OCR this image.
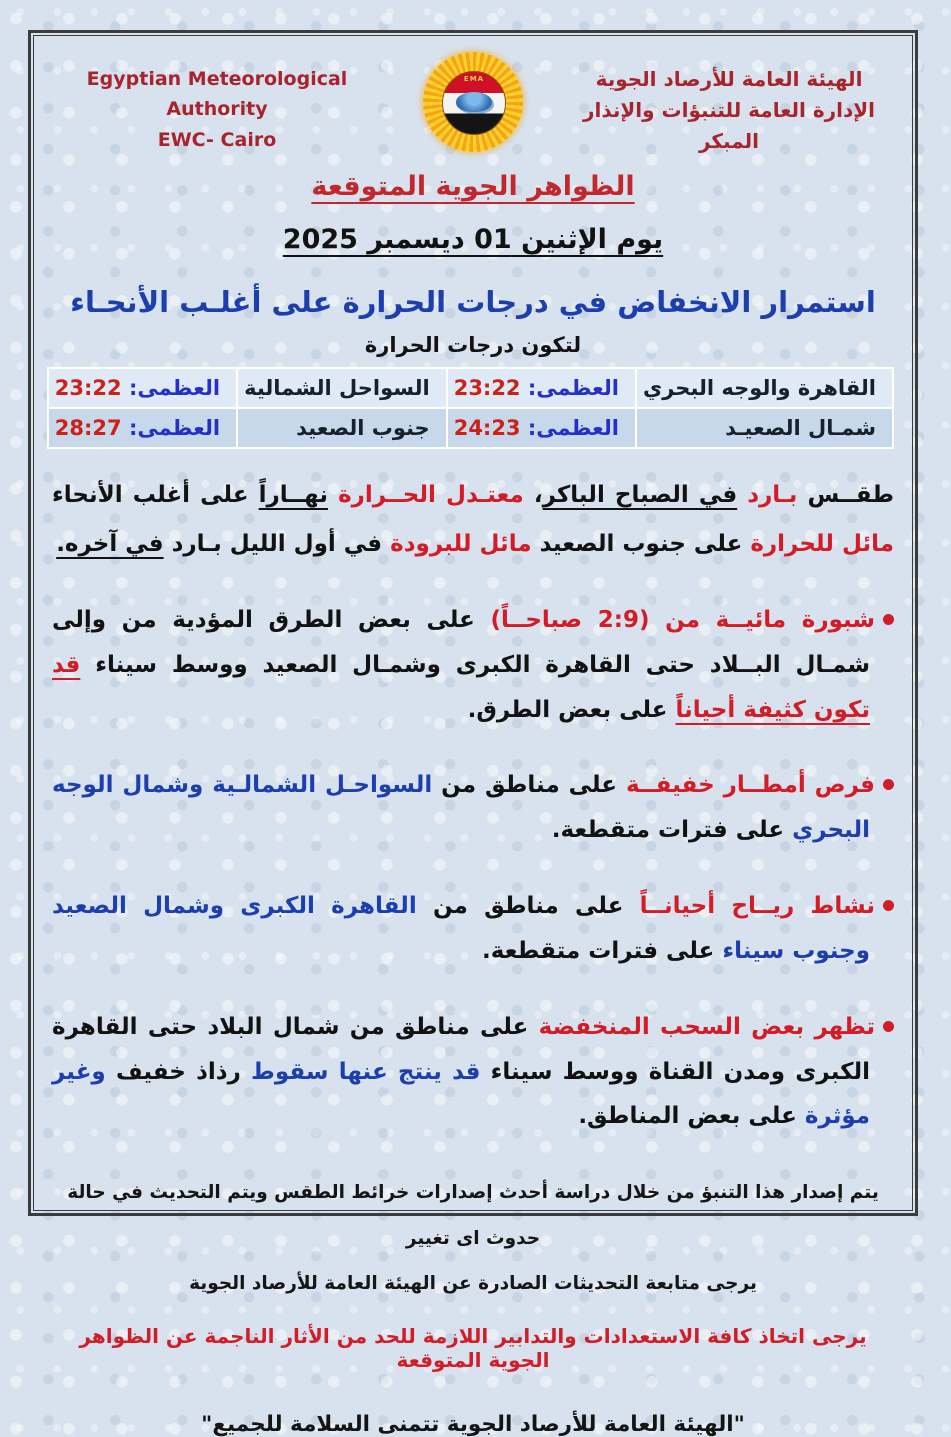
الهيئة العامة للأرصاد الجوية
الإدارة العامة للتنبؤات والإنذار المبكر
EMA
Egyptian Meteorological Authority
EWC- Cairo
الظواهر الجوية المتوقعة
يوم الإثنين 01 ديسمبر 2025
استمرار الانخفاض في درجات الحرارة على أغلـب الأنحـاء
لتكون درجات الحرارة
القاهرة والوجه البحري	العظمى: 23:22	السواحل الشمالية	العظمى: 23:22
شمـال الصعيـد	العظمى: 24:23	جنوب الصعيد	العظمى: 28:27
طقــس بـارد في الصباح الباكر، معتـدل الحــرارة نهــاراً على أغلب الأنحاء مائل للحرارة على جنوب الصعيد مائل للبرودة في أول الليل بـارد في آخره.
شبورة مائيــة من (2:9 صباحــاً) على بعض الطرق المؤدية من وإلى شمـال البــلاد حتى القاهرة الكبرى وشمـال الصعيد ووسط سيناء قد تكون كثيفة أحياناً على بعض الطرق.
فرص أمطــار خفيفــة على مناطق من السواحـل الشمالـية وشمال الوجه البحري على فترات متقطعة.
نشاط ريــاح أحيانــاً على مناطق من القاهرة الكبرى وشمال الصعيد وجنوب سيناء على فترات متقطعة.
تظهر بعض السحب المنخفضة على مناطق من شمال البلاد حتى القاهرة الكبرى ومدن القناة ووسط سيناء قد ينتج عنها سقوط رذاذ خفيف وغير مؤثرة على بعض المناطق.
يتم إصدار هذا التنبؤ من خلال دراسة أحدث إصدارات خرائط الطقس ويتم التحديث في حالة حدوث اى تغيير
يرجى متابعة التحديثات الصادرة عن الهيئة العامة للأرصاد الجوية
يرجى اتخاذ كافة الاستعدادات والتدابير اللازمة للحد من الأثار الناجمة عن الظواهر الجوية المتوقعة
"الهيئة العامة للأرصاد الجوية تتمنى السلامة للجميع"
